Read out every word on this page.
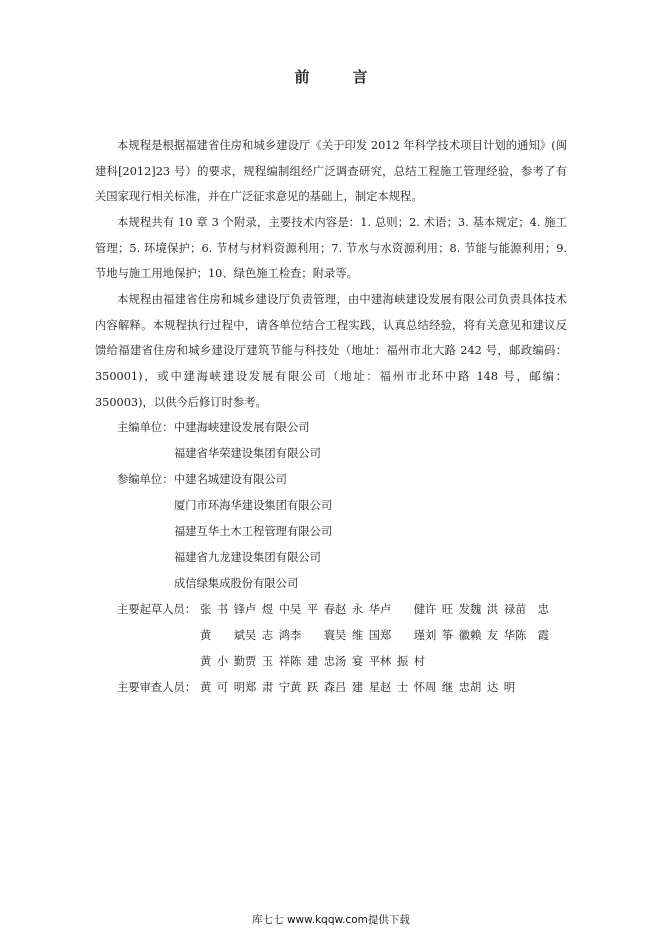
前　言

本规程是根据福建省住房和城乡建设厅《关于印发 2012 年科学技术项目计划的通知》(闽建科[2012]23 号）的要求，规程编制组经广泛调查研究，总结工程施工管理经验，参考了有关国家现行相关标准，并在广泛征求意见的基础上，制定本规程。

本规程共有 10 章 3 个附录，主要技术内容是：1. 总则；2. 术语；3. 基本规定；4. 施工管理；5. 环境保护；6. 节材与材料资源利用；7. 节水与水资源利用；8. 节能与能源利用；9. 节地与施工用地保护；10、绿色施工检查；附录等。

本规程由福建省住房和城乡建设厅负责管理，由中建海峡建设发展有限公司负责具体技术内容解释。本规程执行过程中，请各单位结合工程实践，认真总结经验，将有关意见和建议反馈给福建省住房和城乡建设厅建筑节能与科技处（地址：福州市北大路 242 号，邮政编码：350001)，或中建海峡建设发展有限公司（地址：福州市北环中路 148 号，邮编：350003)，以供今后修订时参考。

主编单位： 中建海峡建设发展有限公司
福建省华荣建设集团有限公司
参编单位： 中建名城建设有限公司
厦门市环海华建设集团有限公司
福建互华土木工程管理有限公司
福建省九龙建设集团有限公司
成信绿集成股份有限公司
主要起草人员： 张书锋 卢煜中 吴平春 赵永华 卢　健 许旺发 魏洪禄 苗　忠
黄　斌 吴志鸿 李　寰 吴维国 郑　瑾 刘筝徽 赖友华 陈　霞
黄小勤 贾玉祥 陈建忠 汤宴平 林振村
主要审查人员： 黄可明 郑肃宁 黄跃森 吕建星 赵士怀 周继忠 胡达明
库七七 www.kqqw.com提供下载
